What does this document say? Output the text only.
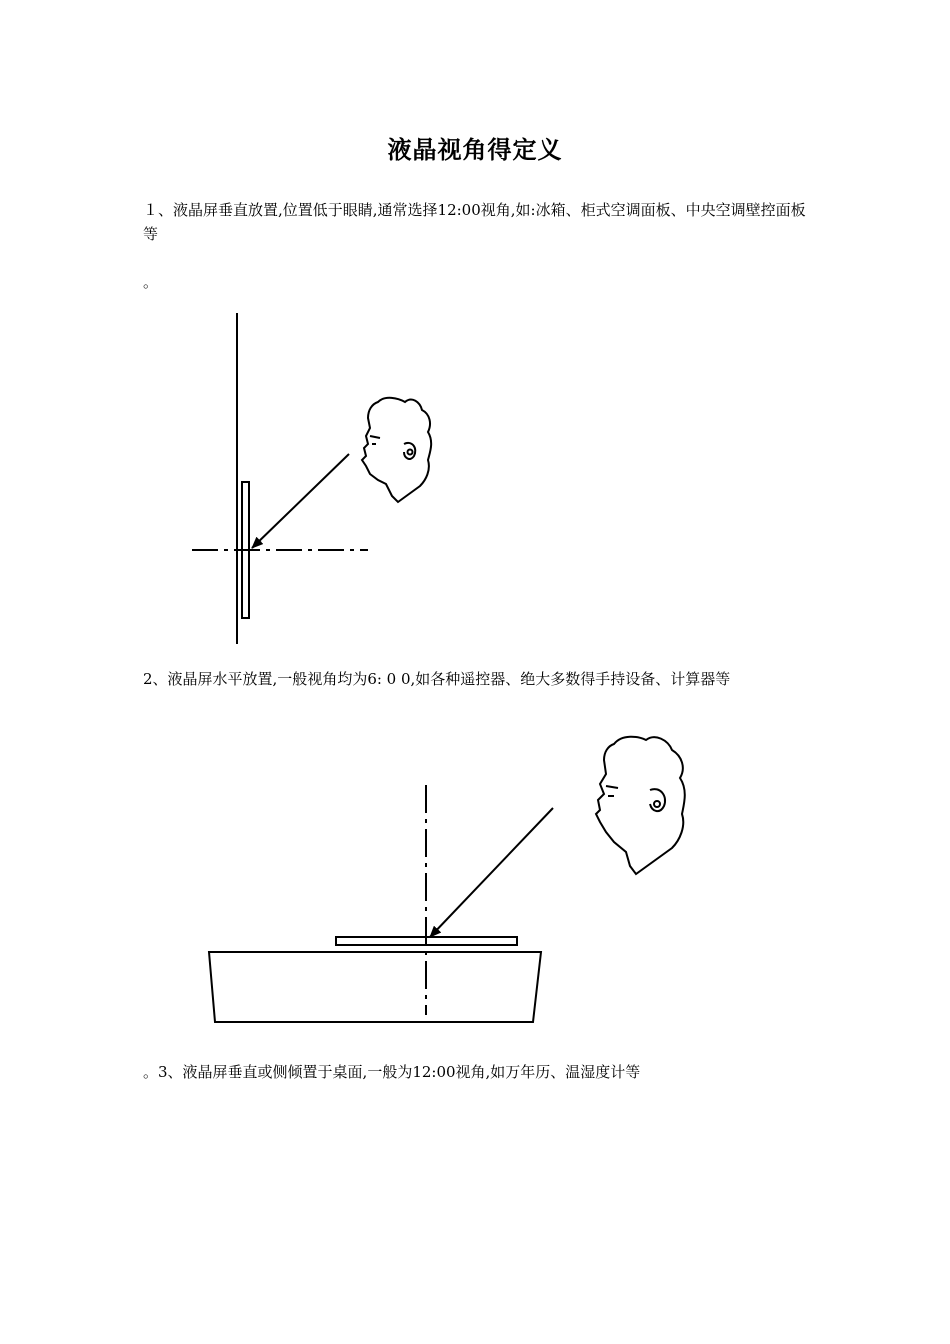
液晶视角得定义
１、液晶屏垂直放置,位置低于眼睛,通常选择12:00视角,如:冰箱、柜式空调面板、中央空调壁控面板等
。
2、液晶屏水平放置,一般视角均为6: 0 0,如各种遥控器、绝大多数得手持设备、计算器等
。3、液晶屏垂直或侧倾置于桌面,一般为12:00视角,如万年历、温湿度计等
